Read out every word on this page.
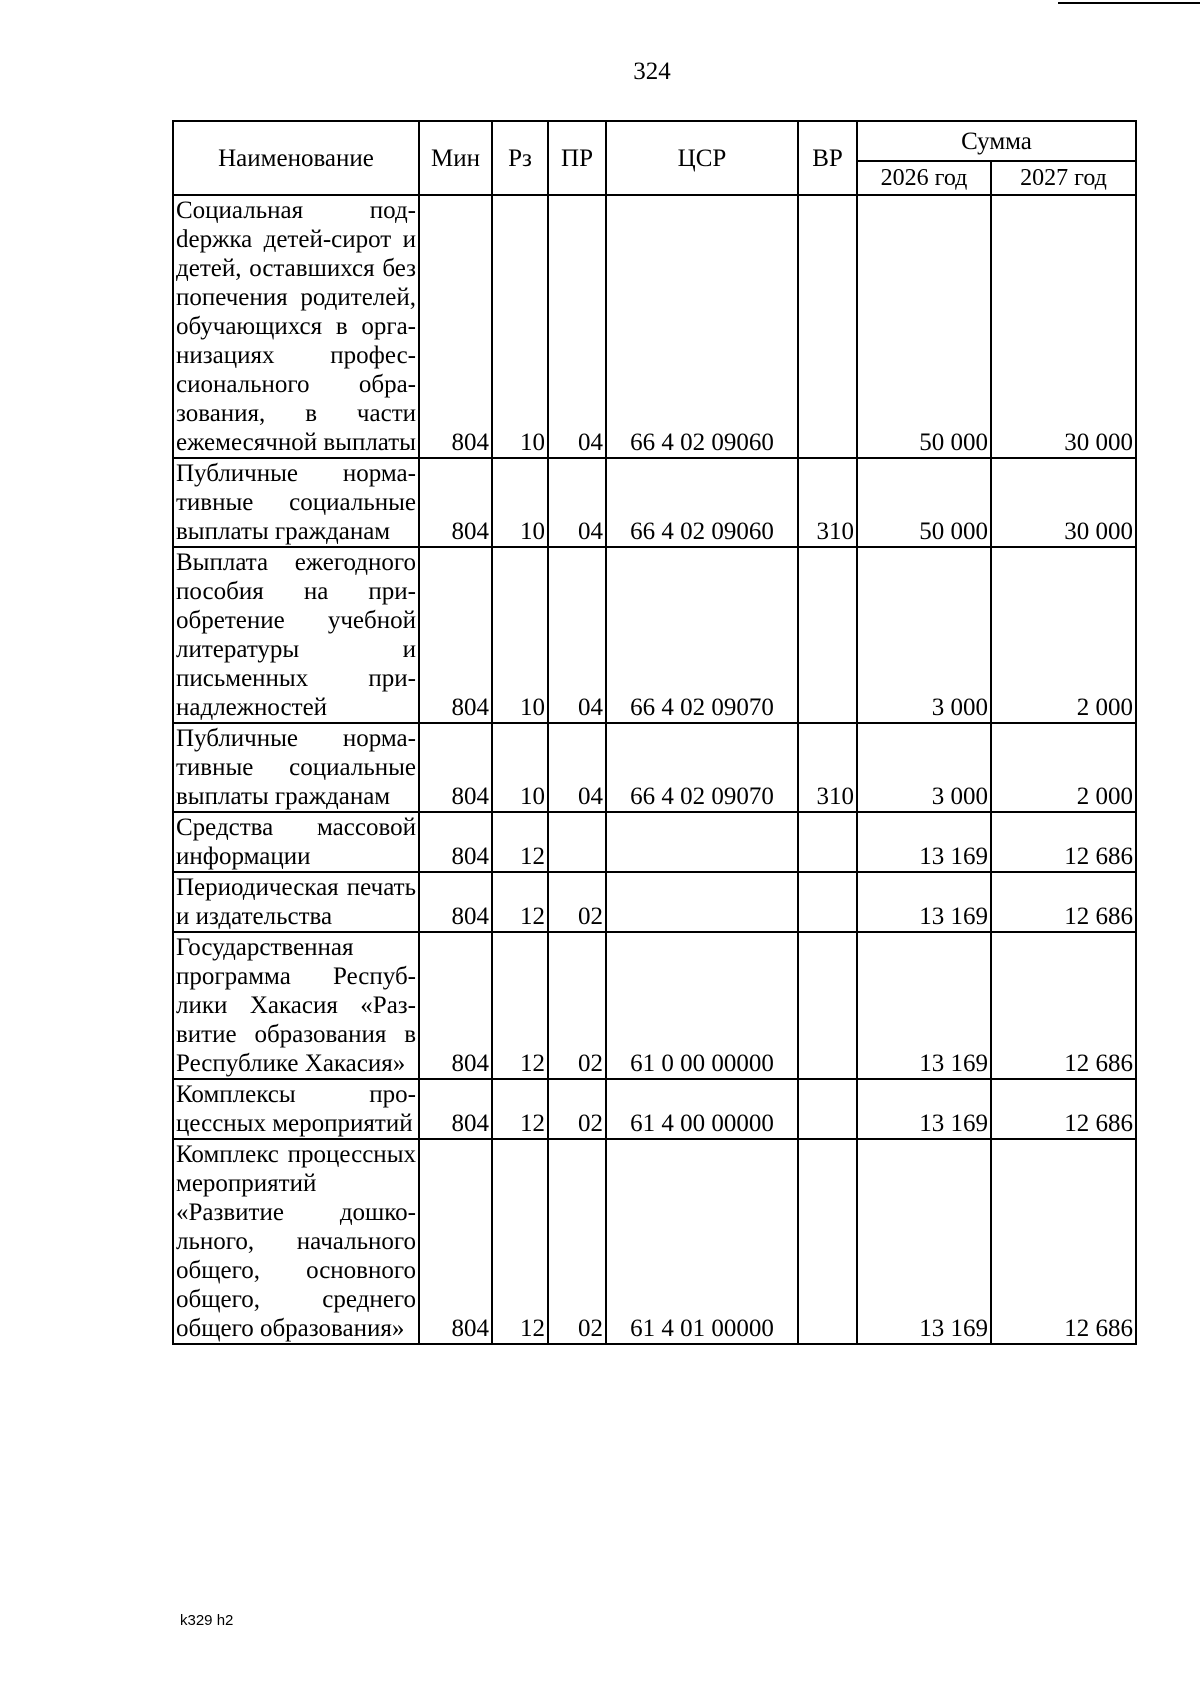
324
Наименование	Мин	Рз	ПР	ЦСР	ВР	Сумма	
						2026 год	2027 год
Социальная подdержка детей-сирот и детей, оставшихся без попечения родителей, обучающихся в организациях профессионального образования, в части ежемесячной выплаты	804	10	04	66 4 02 09060		50 000	30 000
Публичные нормативные социальные выплаты гражданам	804	10	04	66 4 02 09060	310	50 000	30 000
Выплата ежегодного пособия на приобретение учебной литературы и письменных принадлежностей	804	10	04	66 4 02 09070		3 000	2 000
Публичные нормативные социальные выплаты гражданам	804	10	04	66 4 02 09070	310	3 000	2 000
Средства массовой информации	804	12				13 169	12 686
Периодическая печать и издательства	804	12	02			13 169	12 686
Государственная программа Республики Хакасия «Развитие образования в Республике Хакасия»	804	12	02	61 0 00 00000		13 169	12 686
Комплексы процессных мероприятий	804	12	02	61 4 00 00000		13 169	12 686
Комплекс процессных мероприятий «Развитие дошкольного, начального общего, основного общего, среднего общего образования»	804	12	02	61 4 01 00000		13 169	12 686
k329 h2
